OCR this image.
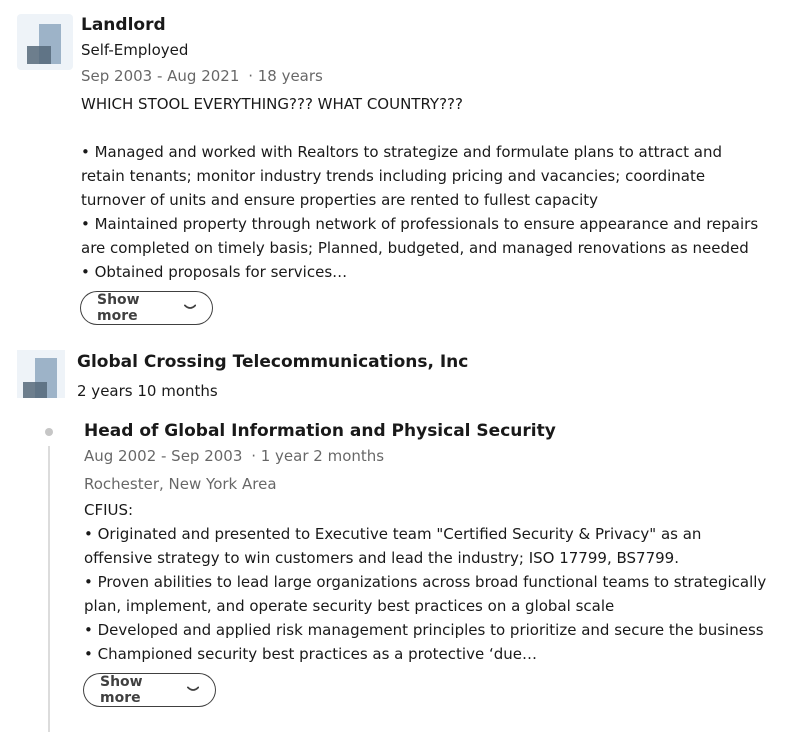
Landlord
Self-Employed
Sep 2003 - Aug 2021 · 18 years

WHICH STOOL EVERYTHING??? WHAT COUNTRY???

• Managed and worked with Realtors to strategize and formulate plans to attract and

retain tenants; monitor industry trends including pricing and vacancies; coordinate

turnover of units and ensure properties are rented to fullest capacity

• Maintained property through network of professionals to ensure appearance and repairs

are completed on timely basis; Planned, budgeted, and managed renovations as needed

• Obtained proposals for services…

Show more
Global Crossing Telecommunications, Inc
2 years 10 months
Head of Global Information and Physical Security
Aug 2002 - Sep 2003 · 1 year 2 months
Rochester, New York Area

CFIUS:

• Originated and presented to Executive team "Certified Security & Privacy" as an

offensive strategy to win customers and lead the industry; ISO 17799, BS7799.

• Proven abilities to lead large organizations across broad functional teams to strategically

plan, implement, and operate security best practices on a global scale

• Developed and applied risk management principles to prioritize and secure the business

• Championed security best practices as a protective ‘due…

Show more
